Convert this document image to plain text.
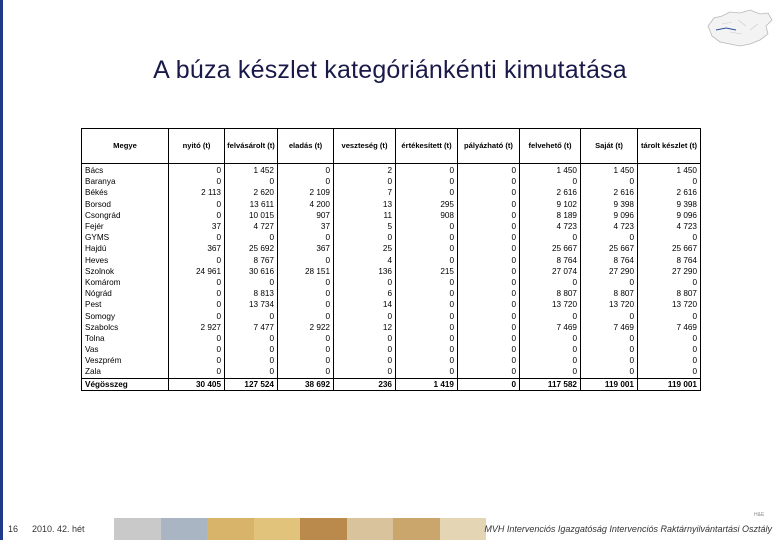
A búza készlet kategóriánkénti kimutatása
Megye	nyitó (t)	felvásárolt (t)	eladás (t)	veszteség (t)	értékesített (t)	pályázható (t)	felvehető (t)	Saját (t)	tárolt készlet (t)
Bács	0	1 452	0	2	0	0	1 450	1 450	1 450
Baranya	0	0	0	0	0	0	0	0	0
Békés	2 113	2 620	2 109	7	0	0	2 616	2 616	2 616
Borsod	0	13 611	4 200	13	295	0	9 102	9 398	9 398
Csongrád	0	10 015	907	11	908	0	8 189	9 096	9 096
Fejér	37	4 727	37	5	0	0	4 723	4 723	4 723
GYMS	0	0	0	0	0	0	0	0	0
Hajdú	367	25 692	367	25	0	0	25 667	25 667	25 667
Heves	0	8 767	0	4	0	0	8 764	8 764	8 764
Szolnok	24 961	30 616	28 151	136	215	0	27 074	27 290	27 290
Komárom	0	0	0	0	0	0	0	0	0
Nógrád	0	8 813	0	6	0	0	8 807	8 807	8 807
Pest	0	13 734	0	14	0	0	13 720	13 720	13 720
Somogy	0	0	0	0	0	0	0	0	0
Szabolcs	2 927	7 477	2 922	12	0	0	7 469	7 469	7 469
Tolna	0	0	0	0	0	0	0	0	0
Vas	0	0	0	0	0	0	0	0	0
Veszprém	0	0	0	0	0	0	0	0	0
Zala	0	0	0	0	0	0	0	0	0
Végösszeg	30 405	127 524	38 692	236	1 419	0	117 582	119 001	119 001
H&E
16 2010. 42. hét	MVH Intervenciós Igazgatóság Intervenciós Raktárnyilvántartási Osztály
